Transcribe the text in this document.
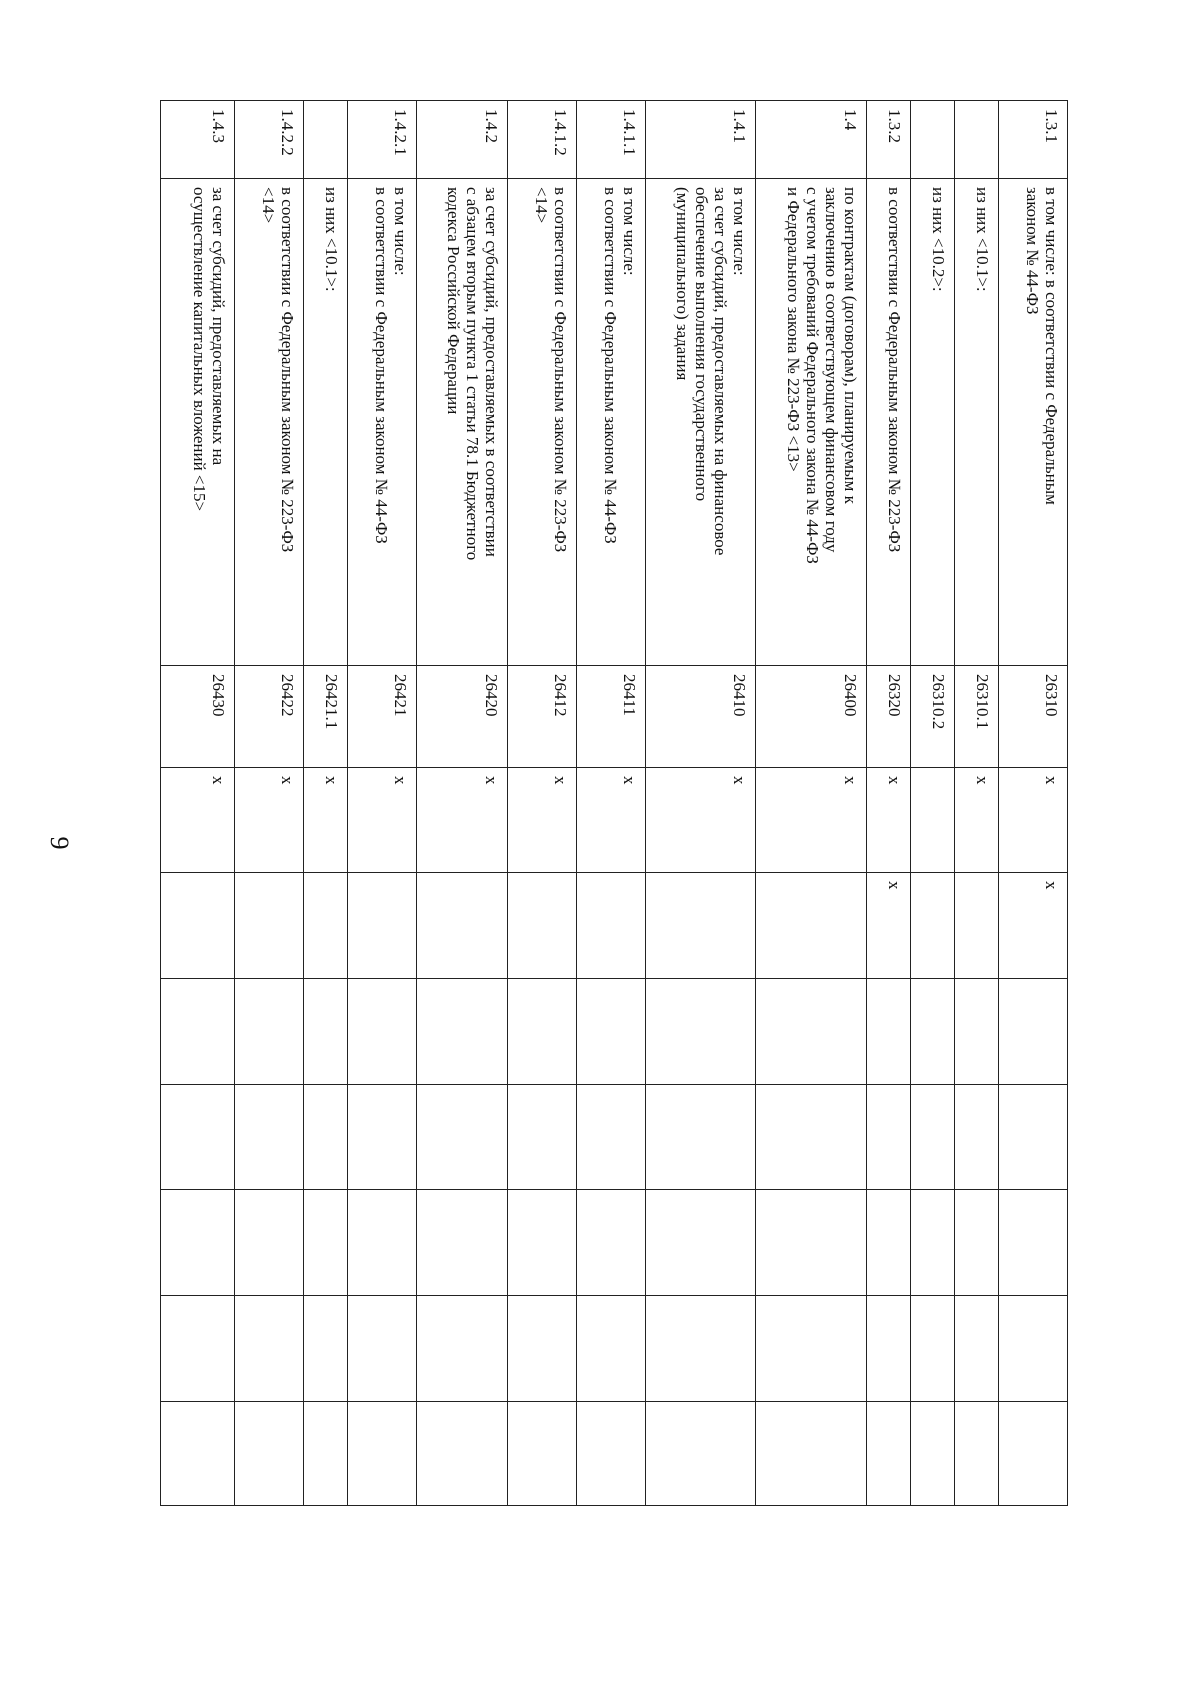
9
1.3.1	в том числе: в соответствии с Федеральным
законом № 44-ФЗ	26310	x	x					
	из них <10.1>:	26310.1	x						
	из них <10.2>:	26310.2							
1.3.2	в соответствии с Федеральным законом № 223-ФЗ	26320	x	x					
1.4	по контрактам (договорам), планируемым к
заключению в соответствующем финансовом году
с учетом требований Федерального закона № 44-ФЗ
и Федерального закона № 223-ФЗ <13>	26400	x						
1.4.1	в том числе:
за счет субсидий, предоставляемых на финансовое
обеспечение выполнения государственного
(муниципального) задания	26410	x						
1.4.1.1	в том числе:
в соответствии с Федеральным законом № 44-ФЗ	26411	x						
1.4.1.2	в соответствии с Федеральным законом № 223-ФЗ
<14>	26412	x						
1.4.2	за счет субсидий, предоставляемых в соответствии
с абзацем вторым пункта 1 статьи 78.1 Бюджетного
кодекса Российской Федерации	26420	x						
1.4.2.1	в том числе:
в соответствии с Федеральным законом № 44-ФЗ	26421	x						
	из них <10.1>:	26421.1	x						
1.4.2.2	в соответствии с Федеральным законом № 223-ФЗ
<14>	26422	x						
1.4.3	за счет субсидий, предоставляемых на
осуществление капитальных вложений <15>	26430	x						
